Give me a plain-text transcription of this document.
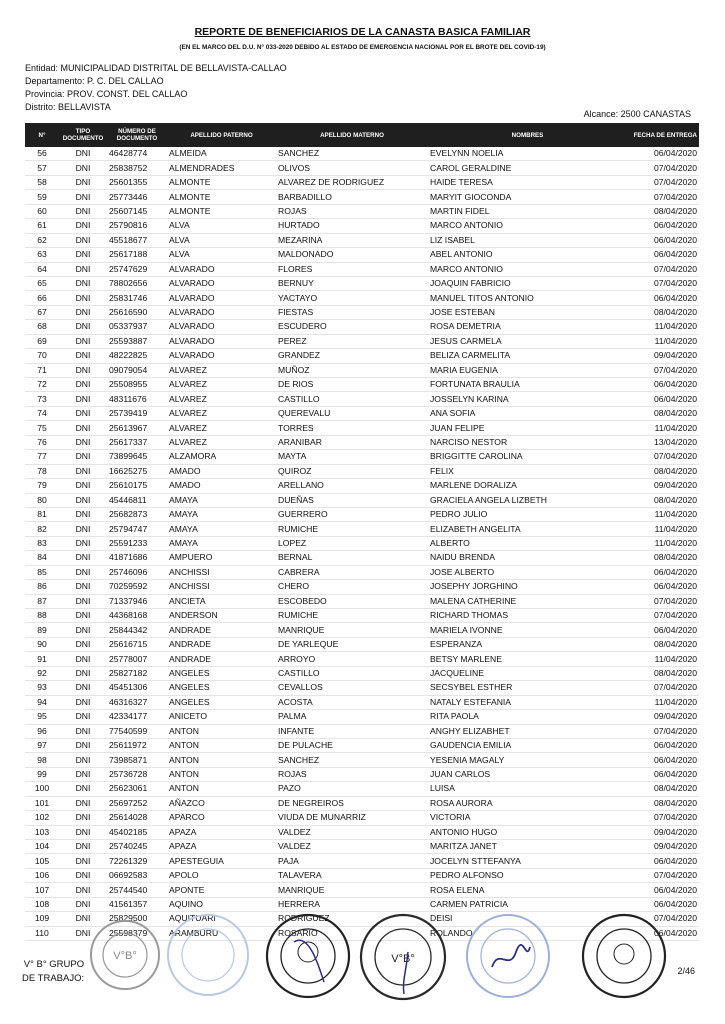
REPORTE DE BENEFICIARIOS DE LA CANASTA BASICA FAMILIAR
(EN EL MARCO DEL D.U. N° 033-2020 DEBIDO AL ESTADO DE EMERGENCIA NACIONAL POR EL BROTE DEL COVID-19)
Entidad: MUNICIPALIDAD DISTRITAL DE BELLAVISTA-CALLAO
Departamento: P. C. DEL CALLAO
Provincia: PROV. CONST. DEL CALLAO
Distrito: BELLAVISTA
Alcance: 2500 CANASTAS
N°	TIPO DOCUMENTO	NÚMERO DE DOCUMENTO	APELLIDO PATERNO	APELLIDO MATERNO	NOMBRES	FECHA DE ENTREGA
56	DNI	46428774	ALMEIDA	SANCHEZ	EVELYNN NOELIA	06/04/2020
57	DNI	25838752	ALMENDRADES	OLIVOS	CAROL GERALDINE	07/04/2020
58	DNI	25601355	ALMONTE	ALVAREZ DE RODRIGUEZ	HAIDE TERESA	07/04/2020
59	DNI	25773446	ALMONTE	BARBADILLO	MARYIT GIOCONDA	07/04/2020
60	DNI	25607145	ALMONTE	ROJAS	MARTIN FIDEL	08/04/2020
61	DNI	25790816	ALVA	HURTADO	MARCO ANTONIO	06/04/2020
62	DNI	45518677	ALVA	MEZARINA	LIZ ISABEL	06/04/2020
63	DNI	25617188	ALVA	MALDONADO	ABEL ANTONIO	06/04/2020
64	DNI	25747629	ALVARADO	FLORES	MARCO ANTONIO	07/04/2020
65	DNI	78802656	ALVARADO	BERNUY	JOAQUIN FABRICIO	07/04/2020
66	DNI	25831746	ALVARADO	YACTAYO	MANUEL TITOS ANTONIO	06/04/2020
67	DNI	25616590	ALVARADO	FIESTAS	JOSE ESTEBAN	08/04/2020
68	DNI	05337937	ALVARADO	ESCUDERO	ROSA DEMETRIA	11/04/2020
69	DNI	25593887	ALVARADO	PEREZ	JESUS CARMELA	11/04/2020
70	DNI	48222825	ALVARADO	GRANDEZ	BELIZA CARMELITA	09/04/2020
71	DNI	09079054	ALVAREZ	MUÑOZ	MARIA EUGENIA	07/04/2020
72	DNI	25508955	ALVAREZ	DE RIOS	FORTUNATA BRAULIA	06/04/2020
73	DNI	48311676	ALVAREZ	CASTILLO	JOSSELYN KARINA	06/04/2020
74	DNI	25739419	ALVAREZ	QUEREVALU	ANA SOFIA	08/04/2020
75	DNI	25613967	ALVAREZ	TORRES	JUAN FELIPE	11/04/2020
76	DNI	25617337	ALVAREZ	ARANIBAR	NARCISO NESTOR	13/04/2020
77	DNI	73899645	ALZAMORA	MAYTA	BRIGGITTE CAROLINA	07/04/2020
78	DNI	16625275	AMADO	QUIROZ	FELIX	08/04/2020
79	DNI	25610175	AMADO	ARELLANO	MARLENE DORALIZA	09/04/2020
80	DNI	45446811	AMAYA	DUEÑAS	GRACIELA ANGELA LIZBETH	08/04/2020
81	DNI	25682873	AMAYA	GUERRERO	PEDRO JULIO	11/04/2020
82	DNI	25794747	AMAYA	RUMICHE	ELIZABETH ANGELITA	11/04/2020
83	DNI	25591233	AMAYA	LOPEZ	ALBERTO	11/04/2020
84	DNI	41871686	AMPUERO	BERNAL	NAIDU BRENDA	08/04/2020
85	DNI	25746096	ANCHISSI	CABRERA	JOSE ALBERTO	06/04/2020
86	DNI	70259592	ANCHISSI	CHERO	JOSEPHY JORGHINO	06/04/2020
87	DNI	71337946	ANCIETA	ESCOBEDO	MALENA CATHERINE	07/04/2020
88	DNI	44368168	ANDERSON	RUMICHE	RICHARD THOMAS	07/04/2020
89	DNI	25844342	ANDRADE	MANRIQUE	MARIELA IVONNE	06/04/2020
90	DNI	25616715	ANDRADE	DE YARLEQUE	ESPERANZA	08/04/2020
91	DNI	25778007	ANDRADE	ARROYO	BETSY MARLENE	11/04/2020
92	DNI	25827182	ANGELES	CASTILLO	JACQUELINE	08/04/2020
93	DNI	45451306	ANGELES	CEVALLOS	SECSYBEL ESTHER	07/04/2020
94	DNI	46316327	ANGELES	ACOSTA	NATALY ESTEFANIA	11/04/2020
95	DNI	42334177	ANICETO	PALMA	RITA PAOLA	09/04/2020
96	DNI	77540599	ANTON	INFANTE	ANGHY ELIZABHET	07/04/2020
97	DNI	25611972	ANTON	DE PULACHE	GAUDENCIA EMILIA	06/04/2020
98	DNI	73985871	ANTON	SANCHEZ	YESENIA MAGALY	06/04/2020
99	DNI	25736728	ANTON	ROJAS	JUAN CARLOS	06/04/2020
100	DNI	25623061	ANTON	PAZO	LUISA	08/04/2020
101	DNI	25697252	AÑAZCO	DE NEGREIROS	ROSA AURORA	08/04/2020
102	DNI	25614028	APARCO	VIUDA DE MUNARRIZ	VICTORIA	07/04/2020
103	DNI	45402185	APAZA	VALDEZ	ANTONIO HUGO	09/04/2020
104	DNI	25740245	APAZA	VALDEZ	MARITZA JANET	09/04/2020
105	DNI	72261329	APESTEGUIA	PAJA	JOCELYN STTEFANYA	06/04/2020
106	DNI	06692583	APOLO	TALAVERA	PEDRO ALFONSO	07/04/2020
107	DNI	25744540	APONTE	MANRIQUE	ROSA ELENA	06/04/2020
108	DNI	41561357	AQUINO	HERRERA	CARMEN PATRICIA	06/04/2020
109	DNI	25829500	AQUITUARI	RODRIGUEZ	DEISI	07/04/2020
110	DNI	25598379	ARAMBURU	ROSARIO	ROLANDO	06/04/2020
V° B° GRUPO
DE TRABAJO:
V°B°	V°B°
2/46
